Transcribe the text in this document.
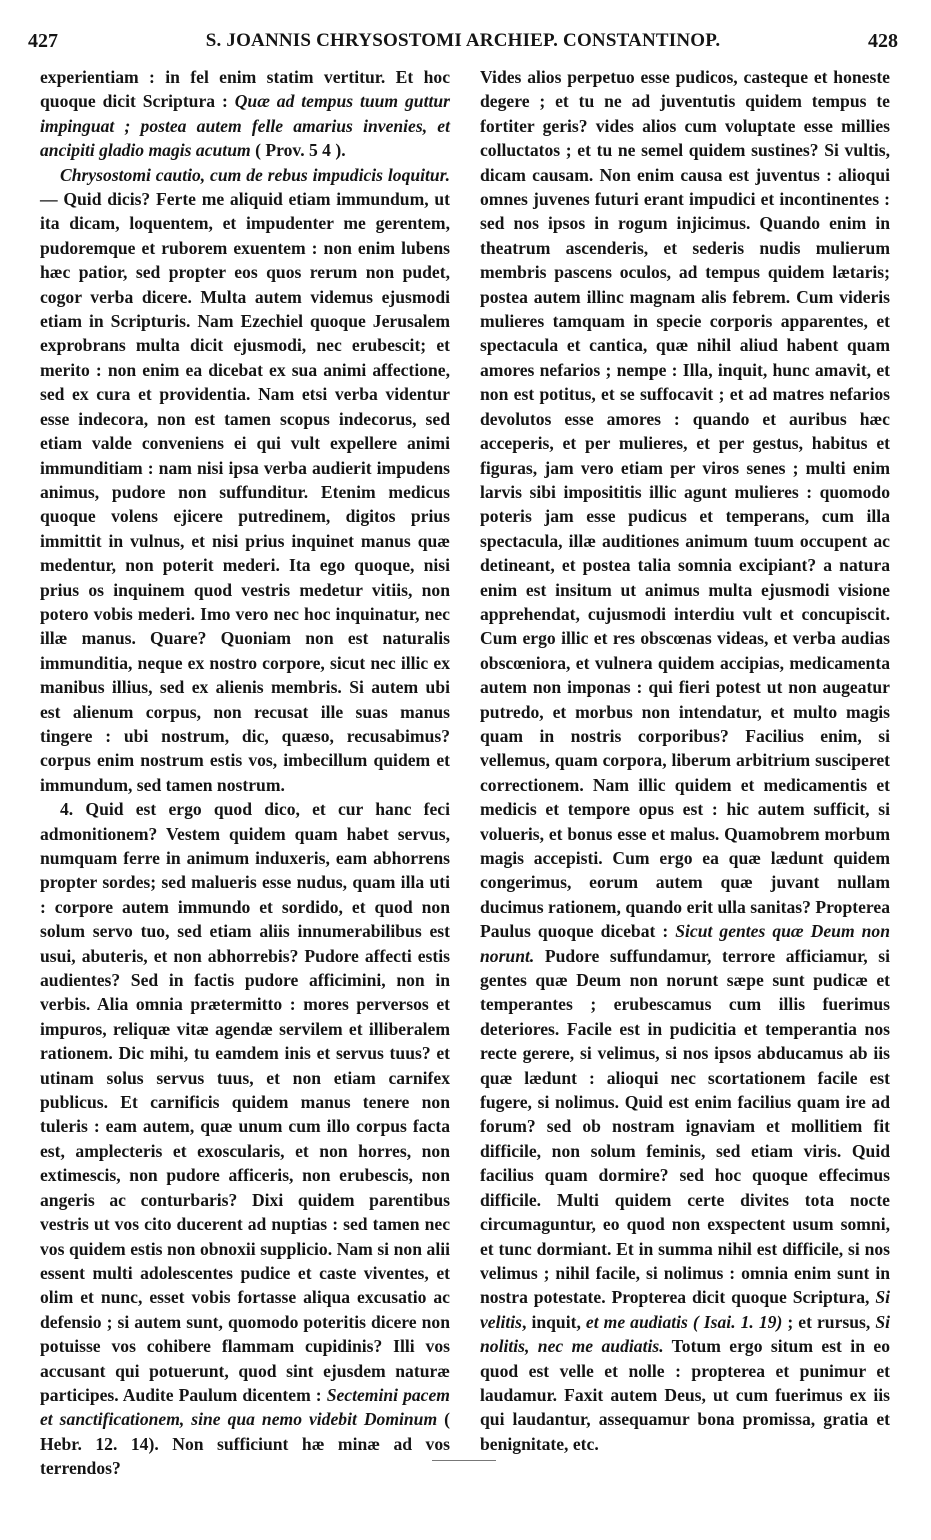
427	S. JOANNIS CHRYSOSTOMI ARCHIEP. CONSTANTINOP.	428

experientiam : in fel enim statim vertitur. Et hoc quoque dicit Scriptura : Quæ ad tempus tuum guttur impinguat ; postea autem felle amarius invenies, et ancipiti gladio magis acutum ( Prov. 5 4 ).

Chrysostomi cautio, cum de rebus impudicis loquitur. — Quid dicis? Ferte me aliquid etiam immundum, ut ita dicam, loquentem, et impudenter me gerentem, pudoremque et ruborem exuentem : non enim lubens hæc patior, sed propter eos quos rerum non pudet, cogor verba dicere. Multa autem videmus ejusmodi etiam in Scripturis. Nam Ezechiel quoque Jerusalem exprobrans multa dicit ejusmodi, nec erubescit; et merito : non enim ea dicebat ex sua animi affectione, sed ex cura et providentia. Nam etsi verba videntur esse indecora, non est tamen scopus indecorus, sed etiam valde conveniens ei qui vult expellere animi immunditiam : nam nisi ipsa verba audierit impudens animus, pudore non suffunditur. Etenim medicus quoque volens ejicere putredinem, digitos prius immittit in vulnus, et nisi prius inquinet manus quæ medentur, non poterit mederi. Ita ego quoque, nisi prius os inquinem quod vestris medetur vitiis, non potero vobis mederi. Imo vero nec hoc inquinatur, nec illæ manus. Quare? Quoniam non est naturalis immunditia, neque ex nostro corpore, sicut nec illic ex manibus illius, sed ex alienis membris. Si autem ubi est alienum corpus, non recusat ille suas manus tingere : ubi nostrum, dic, quæso, recusabimus? corpus enim nostrum estis vos, imbecillum quidem et immundum, sed tamen nostrum.

4. Quid est ergo quod dico, et cur hanc feci admonitionem? Vestem quidem quam habet servus, numquam ferre in animum induxeris, eam abhorrens propter sordes; sed malueris esse nudus, quam illa uti : corpore autem immundo et sordido, et quod non solum servo tuo, sed etiam aliis innumerabilibus est usui, abuteris, et non abhorrebis? Pudore affecti estis audientes? Sed in factis pudore afficimini, non in verbis. Alia omnia prætermitto : mores perversos et impuros, reliquæ vitæ agendæ servilem et illiberalem rationem. Dic mihi, tu eamdem inis et servus tuus? et utinam solus servus tuus, et non etiam carnifex publicus. Et carnificis quidem manus tenere non tuleris : eam autem, quæ unum cum illo corpus facta est, amplecteris et exoscularis, et non horres, non extimescis, non pudore afficeris, non erubescis, non angeris ac conturbaris? Dixi quidem parentibus vestris ut vos cito ducerent ad nuptias : sed tamen nec vos quidem estis non obnoxii supplicio. Nam si non alii essent multi adolescentes pudice et caste viventes, et olim et nunc, esset vobis fortasse aliqua excusatio ac defensio ; si autem sunt, quomodo poteritis dicere non potuisse vos cohibere flammam cupidinis? Illi vos accusant qui potuerunt, quod sint ejusdem naturæ participes. Audite Paulum dicentem : Sectemini pacem et sanctificationem, sine qua nemo videbit Dominum ( Hebr. 12. 14). Non sufficiunt hæ minæ ad vos terrendos?

Vides alios perpetuo esse pudicos, casteque et honeste degere ; et tu ne ad juventutis quidem tempus te fortiter geris? vides alios cum voluptate esse millies colluctatos ; et tu ne semel quidem sustines? Si vultis, dicam causam. Non enim causa est juventus : alioqui omnes juvenes futuri erant impudici et incontinentes : sed nos ipsos in rogum injicimus. Quando enim in theatrum ascenderis, et sederis nudis mulierum membris pascens oculos, ad tempus quidem lætaris; postea autem illinc magnam alis febrem. Cum videris mulieres tamquam in specie corporis apparentes, et spectacula et cantica, quæ nihil aliud habent quam amores nefarios ; nempe : Illa, inquit, hunc amavit, et non est potitus, et se suffocavit ; et ad matres nefarios devolutos esse amores : quando et auribus hæc acceperis, et per mulieres, et per gestus, habitus et figuras, jam vero etiam per viros senes ; multi enim larvis sibi imposititis illic agunt mulieres : quomodo poteris jam esse pudicus et temperans, cum illa spectacula, illæ auditiones animum tuum occupent ac detineant, et postea talia somnia excipiant? a natura enim est insitum ut animus multa ejusmodi visione apprehendat, cujusmodi interdiu vult et concupiscit. Cum ergo illic et res obscœnas videas, et verba audias obscœniora, et vulnera quidem accipias, medicamenta autem non imponas : qui fieri potest ut non augeatur putredo, et morbus non intendatur, et multo magis quam in nostris corporibus? Facilius enim, si vellemus, quam corpora, liberum arbitrium susciperet correctionem. Nam illic quidem et medicamentis et medicis et tempore opus est : hic autem sufficit, si volueris, et bonus esse et malus. Quamobrem morbum magis accepisti. Cum ergo ea quæ lædunt quidem congerimus, eorum autem quæ juvant nullam ducimus rationem, quando erit ulla sanitas? Propterea Paulus quoque dicebat : Sicut gentes quæ Deum non norunt. Pudore suffundamur, terrore afficiamur, si gentes quæ Deum non norunt sæpe sunt pudicæ et temperantes ; erubescamus cum illis fuerimus deteriores. Facile est in pudicitia et temperantia nos recte gerere, si velimus, si nos ipsos abducamus ab iis quæ lædunt : alioqui nec scortationem facile est fugere, si nolimus. Quid est enim facilius quam ire ad forum? sed ob nostram ignaviam et mollitiem fit difficile, non solum feminis, sed etiam viris. Quid facilius quam dormire? sed hoc quoque effecimus difficile. Multi quidem certe divites tota nocte circumaguntur, eo quod non exspectent usum somni, et tunc dormiant. Et in summa nihil est difficile, si nos velimus ; nihil facile, si nolimus : omnia enim sunt in nostra potestate. Propterea dicit quoque Scriptura, Si velitis, inquit, et me audiatis ( Isai. 1. 19) ; et rursus, Si nolitis, nec me audiatis. Totum ergo situm est in eo quod est velle et nolle : propterea et punimur et laudamur. Faxit autem Deus, ut cum fuerimus ex iis qui laudantur, assequamur bona promissa, gratia et benignitate, etc.
